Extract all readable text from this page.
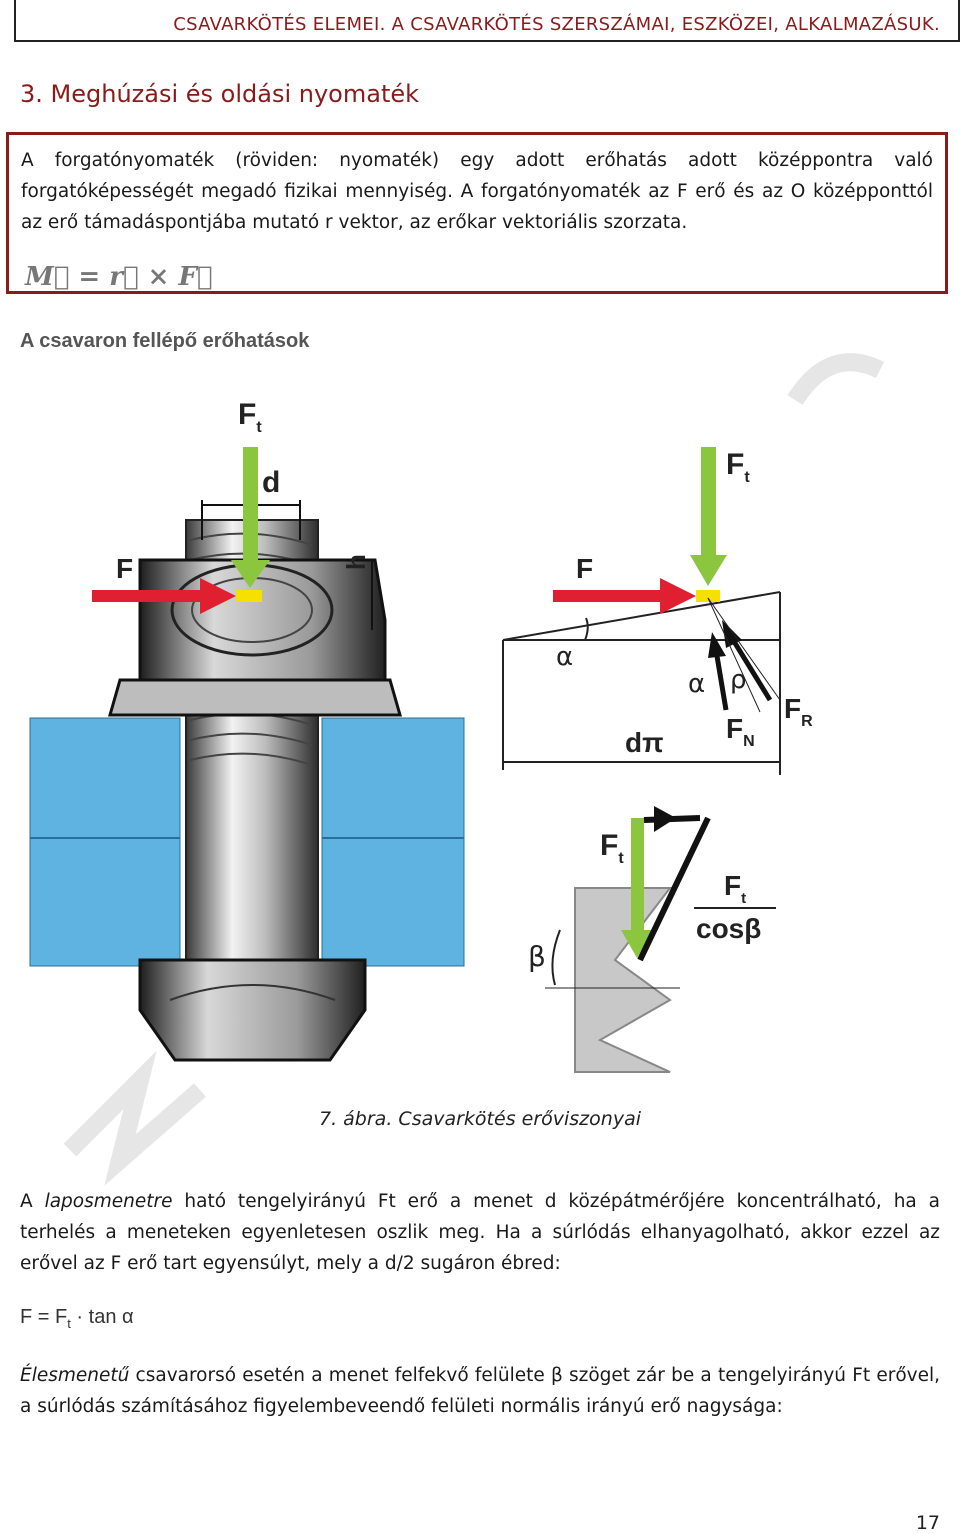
CSAVARKÖTÉS ELEMEI. A CSAVARKÖTÉS SZERSZÁMAI, ESZKÖZEI, ALKALMAZÁSUK.
3. Meghúzási és oldási nyomaték
A forgatónyomaték (röviden: nyomaték) egy adott erőhatás adott középpontra való forgatóképességét megadó fizikai mennyiség. A forgatónyomaték az F erő és az O középponttól az erő támadáspontjába mutató r vektor, az erőkar vektoriális szorzata.
M⃗ = r⃗ × F⃗
A csavaron fellépő erőhatások
d
h
$F_t$
F
α
dπ
$F_t$
F
α ρ
$F_N$
$F_R$
β
$F_t$
$F_t$
cosβ
7. ábra. Csavarkötés erőviszonyai
A laposmenetre ható tengelyirányú Ft erő a menet d középátmérőjére koncentrálható, ha a terhelés a meneteken egyenletesen oszlik meg. Ha a súrlódás elhanyagolható, akkor ezzel az erővel az F erő tart egyensúlyt, mely a d/2 sugáron ébred:
$F = F_t \cdot \tan \alpha$
Élesmenetű csavarorsó esetén a menet felfekvő felülete β szöget zár be a tengelyirányú Ft erővel, a súrlódás számításához figyelembeveendő felületi normális irányú erő nagysága:
17
